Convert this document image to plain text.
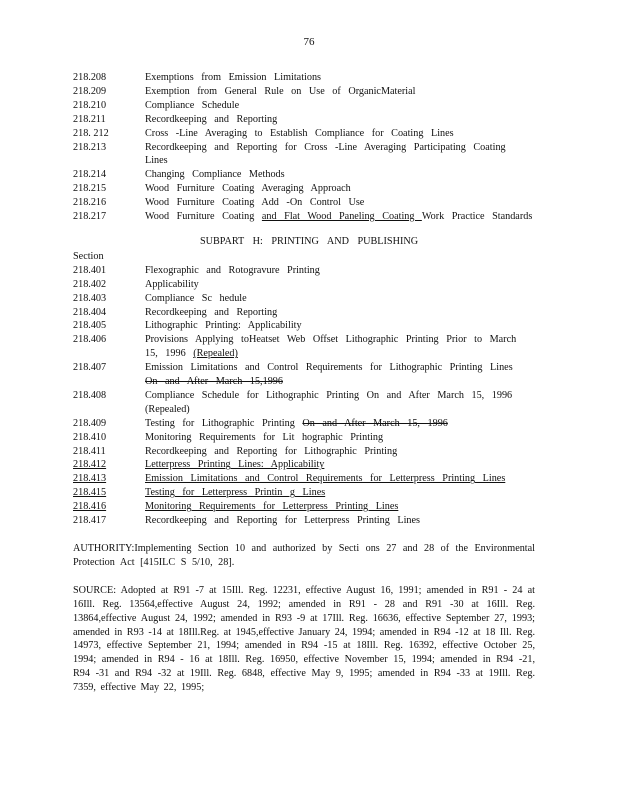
76
218.208	Exemptions from Emission Limitations
218.209	Exemption from General Rule on Use of OrganicMaterial
218.210	Compliance Schedule
218.211	Recordkeeping and Reporting
218. 212	Cross -Line Averaging to Establish Compliance for Coating Lines
218.213	Recordkeeping and Reporting for Cross -Line Averaging Participating Coating Lines
218.214	Changing Compliance Methods
218.215	Wood Furniture Coating Averaging Approach
218.216	Wood Furniture Coating Add -On Control Use
218.217	Wood Furniture Coating and Flat Wood Paneling Coating Work Practice Standards
SUBPART H: PRINTING AND PUBLISHING
Section
218.401	Flexographic and Rotogravure Printing
218.402	Applicability
218.403	Compliance Sc hedule
218.404	Recordkeeping and Reporting
218.405	Lithographic Printing: Applicability
218.406	Provisions Applying toHeatset Web Offset Lithographic Printing Prior to March 15, 1996 (Repealed)
218.407	Emission Limitations and Control Requirements for Lithographic Printing Lines
On and After March 15,1996
218.408	Compliance Schedule for Lithographic Printing On and After March 15, 1996 (Repealed)
218.409	Testing for Lithographic Printing On and After March 15, 1996
218.410	Monitoring Requirements for Lit hographic Printing
218.411	Recordkeeping and Reporting for Lithographic Printing
218.412	Letterpress Printing Lines: Applicability
218.413	Emission Limitations and Control Requirements for Letterpress Printing Lines
218.415	Testing for Letterpress Printin g Lines
218.416	Monitoring Requirements for Letterpress Printing Lines
218.417	Recordkeeping and Reporting for Letterpress Printing Lines
AUTHORITY:Implementing Section 10 and authorized by Secti ons 27 and 28 of the Environmental Protection Act [415ILC S 5/10, 28].
SOURCE: Adopted at R91 -7 at 15Ill. Reg. 12231, effective August 16, 1991; amended in R91 - 24 at 16Ill. Reg. 13564,effective August 24, 1992; amended in R91 - 28 and R91 -30 at 16Ill. Reg. 13864,effective August 24, 1992; amended in R93 -9 at 17Ill. Reg. 16636, effective September 27, 1993; amended in R93 -14 at 18Ill.Reg. at 1945,effective January 24, 1994; amended in R94 -12 at 18 Ill. Reg. 14973, effective September 21, 1994; amended in R94 -15 at 18Ill. Reg. 16392, effective October 25, 1994; amended in R94 - 16 at 18Ill. Reg. 16950, effective November 15, 1994; amended in R94 -21, R94 -31 and R94 -32 at 19Ill. Reg. 6848, effective May 9, 1995; amended in R94 -33 at 19Ill. Reg. 7359, effective May 22, 1995;
